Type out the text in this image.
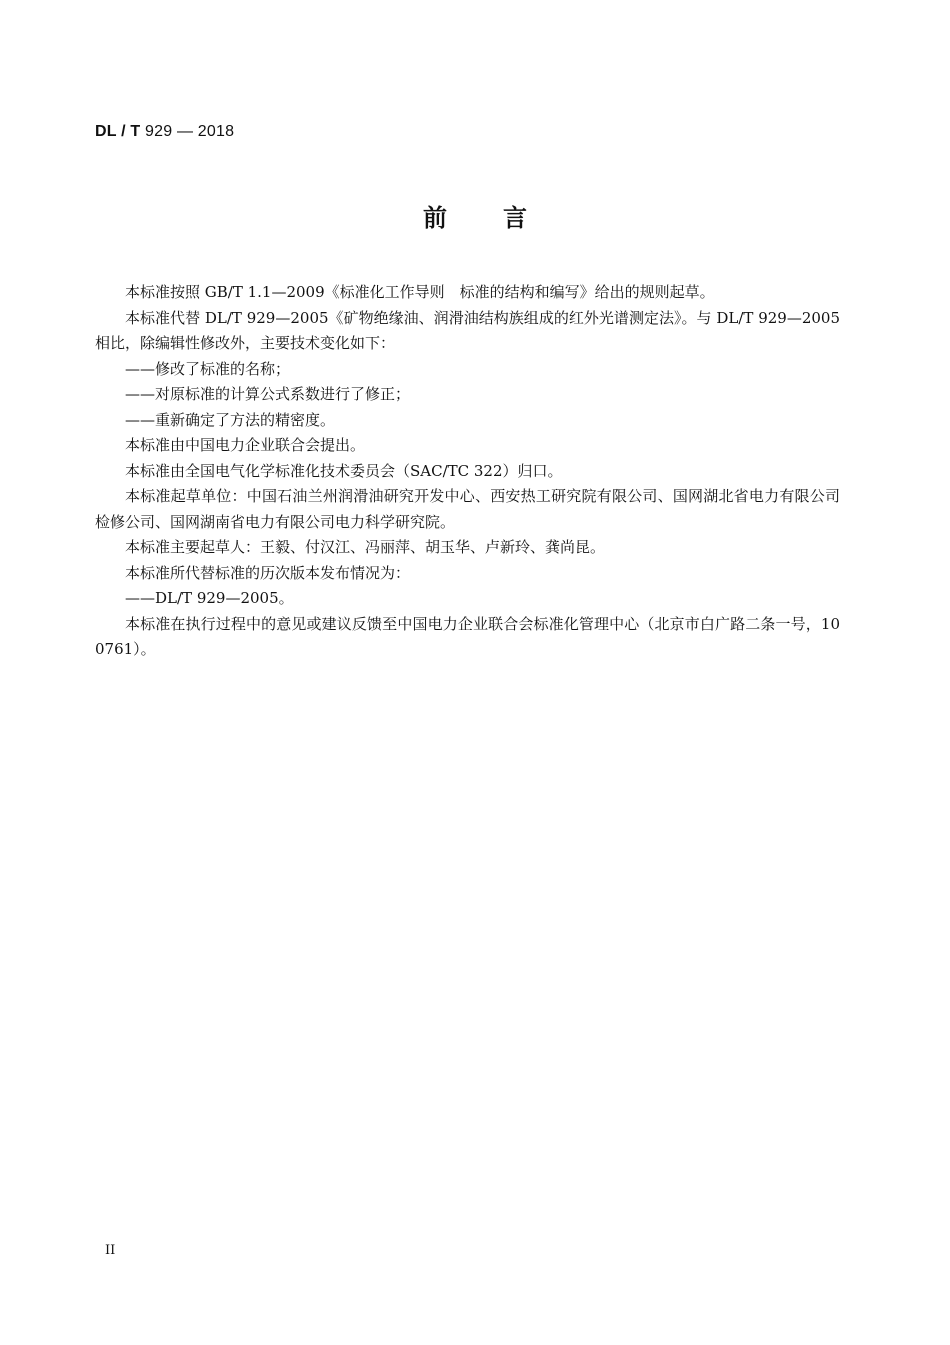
DL / T 929 — 2018
前 言

本标准按照 GB/T 1.1—2009《标准化工作导则　标准的结构和编写》给出的规则起草。

本标准代替 DL/T 929—2005《矿物绝缘油、润滑油结构族组成的红外光谱测定法》。与 DL/T 929—2005 相比，除编辑性修改外，主要技术变化如下：

——修改了标准的名称；

——对原标准的计算公式系数进行了修正；

——重新确定了方法的精密度。

本标准由中国电力企业联合会提出。

本标准由全国电气化学标准化技术委员会（SAC/TC 322）归口。

本标准起草单位：中国石油兰州润滑油研究开发中心、西安热工研究院有限公司、国网湖北省电力有限公司检修公司、国网湖南省电力有限公司电力科学研究院。

本标准主要起草人：王毅、付汉江、冯丽萍、胡玉华、卢新玲、龚尚昆。

本标准所代替标准的历次版本发布情况为：

——DL/T 929—2005。

本标准在执行过程中的意见或建议反馈至中国电力企业联合会标准化管理中心（北京市白广路二条一号，100761）。

II
